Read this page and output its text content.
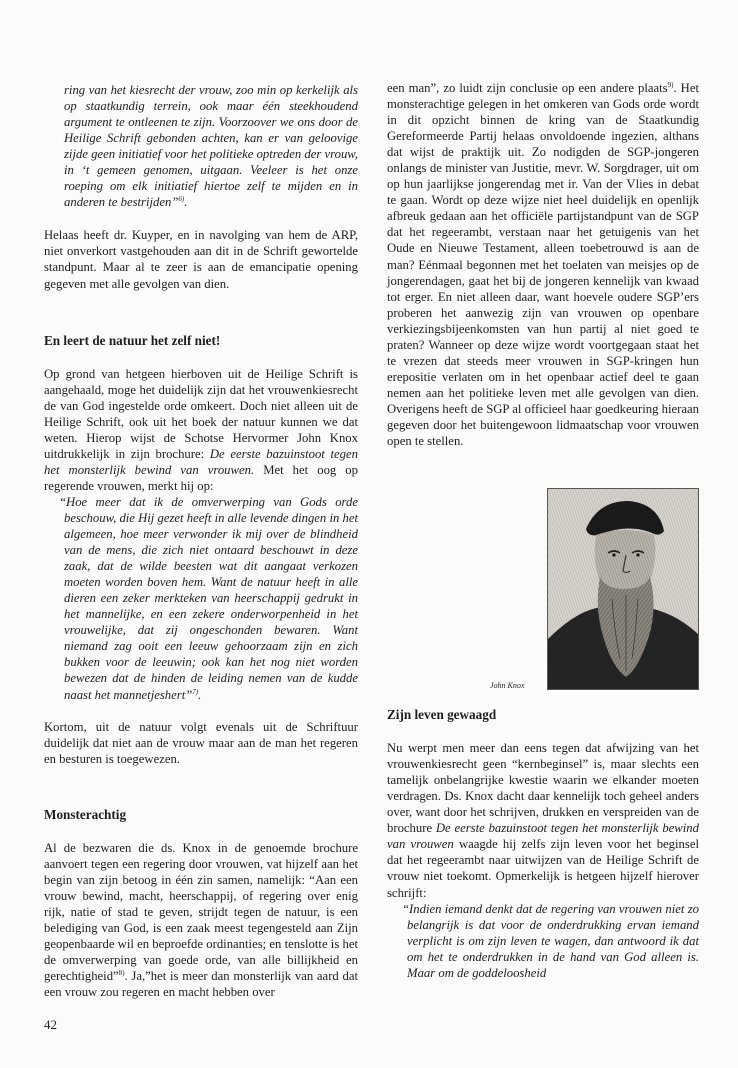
ring van het kiesrecht der vrouw, zoo min op kerkelijk als op staatkundig terrein, ook maar één steekhoudend argument te ontleenen te zijn. Voorzoover we ons door de Heilige Schrift gebonden achten, kan er van geloovige zijde geen initiatief voor het politieke optreden der vrouw, in ‘t gemeen genomen, uitgaan. Veeleer is het onze roeping om elk initiatief hiertoe zelf te mijden en in anderen te bestrijden”$^{6)}$.

Helaas heeft dr. Kuyper, en in navolging van hem de ARP, niet onverkort vastgehouden aan dit in de Schrift gewortelde standpunt. Maar al te zeer is aan de emancipatie opening gegeven met alle gevolgen van dien.

En leert de natuur het zelf niet!

Op grond van hetgeen hierboven uit de Heilige Schrift is aangehaald, moge het duidelijk zijn dat het vrouwenkiesrecht de van God ingestelde orde omkeert. Doch niet alleen uit de Heilige Schrift, ook uit het boek der natuur kunnen we dat weten. Hierop wijst de Schotse Hervormer John Knox uitdrukkelijk in zijn brochure: De eerste bazuinstoot tegen het monsterlijk bewind van vrouwen. Met het oog op regerende vrouwen, merkt hij op:

“Hoe meer dat ik de omverwerping van Gods orde beschouw, die Hij gezet heeft in alle levende dingen in het algemeen, hoe meer verwonder ik mij over de blindheid van de mens, die zich niet ontaard beschouwt in deze zaak, dat de wilde beesten wat dit aangaat verkozen moeten worden boven hem. Want de natuur heeft in alle dieren een zeker merkteken van heerschappij gedrukt in het mannelijke, en een zekere onderworpenheid in het vrouwelijke, dat zij ongeschonden bewaren. Want niemand zag ooit een leeuw gehoorzaam zijn en zich bukken voor de leeuwin; ook kan het nog niet worden bewezen dat de hinden de leiding nemen van de kudde naast het mannetjeshert”$^{7)}$.

Kortom, uit de natuur volgt evenals uit de Schriftuur duidelijk dat niet aan de vrouw maar aan de man het regeren en besturen is toegewezen.

Monsterachtig

Al de bezwaren die ds. Knox in de genoemde brochure aanvoert tegen een regering door vrouwen, vat hijzelf aan het begin van zijn betoog in één zin samen, namelijk: “Aan een vrouw bewind, macht, heerschappij, of regering over enig rijk, natie of stad te geven, strijdt tegen de natuur, is een belediging van God, is een zaak meest tegengesteld aan Zijn geopenbaarde wil en beproefde ordinanties; en tenslotte is het de omverwerping van goede orde, van alle billijkheid en gerechtigheid”$^{8)}$. Ja,”het is meer dan monsterlijk van aard dat een vrouw zou regeren en macht hebben over

een man”, zo luidt zijn conclusie op een andere plaats$^{9)}$. Het monsterachtige gelegen in het omkeren van Gods orde wordt in dit opzicht binnen de kring van de Staatkundig Gereformeerde Partij helaas onvoldoende ingezien, althans dat wijst de praktijk uit. Zo nodigden de SGP-jongeren onlangs de minister van Justitie, mevr. W. Sorgdrager, uit om op hun jaarlijkse jongerendag met ir. Van der Vlies in debat te gaan. Wordt op deze wijze niet heel duidelijk en openlijk afbreuk gedaan aan het officiële partijstandpunt van de SGP dat het regeerambt, verstaan naar het getuigenis van het Oude en Nieuwe Testament, alleen toebetrouwd is aan de man? Eénmaal begonnen met het toelaten van meisjes op de jongerendagen, gaat het bij de jongeren kennelijk van kwaad tot erger. En niet alleen daar, want hoevele oudere SGP’ers proberen het aanwezig zijn van vrouwen op openbare verkiezingsbijeenkomsten van hun partij al niet goed te praten? Wanneer op deze wijze wordt voortgegaan staat het te vrezen dat steeds meer vrouwen in SGP-kringen hun erepositie verlaten om in het openbaar actief deel te gaan nemen aan het politieke leven met alle gevolgen van dien. Overigens heeft de SGP al officieel haar goedkeuring hieraan gegeven door het buitengewoon lidmaatschap voor vrouwen open te stellen.

Zijn leven gewaagd

Nu werpt men meer dan eens tegen dat afwijzing van het vrouwenkiesrecht geen “kernbeginsel” is, maar slechts een tamelijk onbelangrijke kwestie waarin we elkander moeten verdragen. Ds. Knox dacht daar kennelijk toch geheel anders over, want door het schrijven, drukken en verspreiden van de brochure De eerste bazuinstoot tegen het monsterlijk bewind van vrouwen waagde hij zelfs zijn leven voor het beginsel dat het regeerambt naar uitwijzen van de Heilige Schrift de vrouw niet toekomt. Opmerkelijk is hetgeen hijzelf hierover schrijft:

“Indien iemand denkt dat de regering van vrouwen niet zo belangrijk is dat voor de onderdrukking ervan iemand verplicht is om zijn leven te wagen, dan antwoord ik dat om het te onderdrukken in de hand van God alleen is. Maar om de goddeloosheid

John Knox
42
